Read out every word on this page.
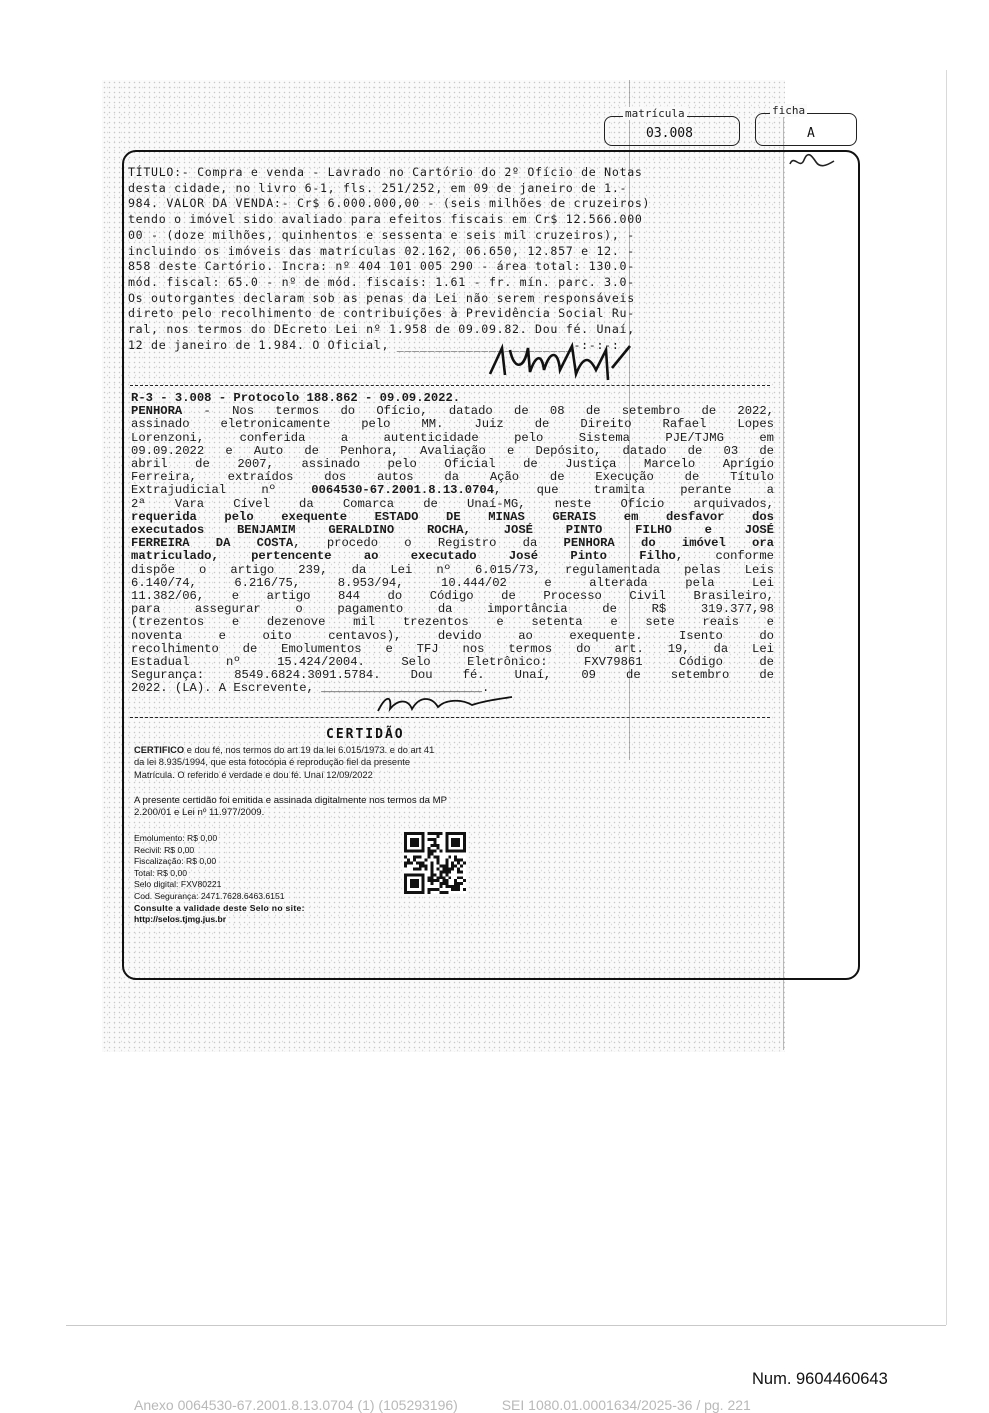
matrícula
03.008
ficha
A

TÍTULO:- Compra e venda - Lavrado no Cartório do 2º Ofício de Notas

desta cidade, no livro 6-1, fls. 251/252, em 09 de janeiro de 1.-

984. VALOR DA VENDA:- Cr$ 6.000.000,00 - (seis milhões de cruzeiros)

tendo o imóvel sido avaliado para efeitos fiscais em Cr$ 12.566.000

00 - (doze milhões, quinhentos e sessenta e seis mil cruzeiros), -

incluindo os imóveis das matrículas 02.162, 06.650, 12.857 e 12. -

858 deste Cartório. Incra: nº 404 101 005 290 - área total: 130.0-

mód. fiscal: 65.0 - nº de mód. fiscais: 1.61 - fr. mín. parc. 3.0-

Os outorgantes declaram sob as penas da Lei não serem responsáveis

direto pelo recolhimento de contribuições à Previdência Social Ru-

ral, nos termos do DEcreto Lei nº 1.958 de 09.09.82. Dou fé. Unaí,

12 de janeiro de 1.984. O Oficial, _______________________-:-:-:

R-3 - 3.008 - Protocolo 188.862 - 09.09.2022.
PENHORA - Nos termos do Ofício, datado de 08 de setembro de 2022,
assinado eletronicamente pelo MM. Juiz de Direito Rafael Lopes
Lorenzoni, conferida a autenticidade pelo Sistema PJE/TJMG em
09.09.2022 e Auto de Penhora, Avaliação e Depósito, datado de 03 de
abril de 2007, assinado pelo Oficial de Justiça Marcelo Aprígio
Ferreira, extraídos dos autos da Ação de Execução de Título
Extrajudicial nº 0064530-67.2001.8.13.0704, que tramita perante a
2ª Vara Cível da Comarca de Unaí-MG, neste Ofício arquivados,
requerida pelo exequente ESTADO DE MINAS GERAIS em desfavor dos
executados BENJAMIM GERALDINO ROCHA, JOSÉ PINTO FILHO e JOSÉ
FERREIRA DA COSTA, procedo o Registro da PENHORA do imóvel ora
matriculado, pertencente ao executado José Pinto Filho, conforme
dispõe o artigo 239, da Lei nº 6.015/73, regulamentada pelas Leis
6.140/74, 6.216/75, 8.953/94, 10.444/02 e alterada pela Lei
11.382/06, e artigo 844 do Código de Processo Civil Brasileiro,
para assegurar o pagamento da importância de R$ 319.377,98
(trezentos e dezenove mil trezentos e setenta e sete reais e
noventa e oito centavos), devido ao exequente. Isento do
recolhimento de Emolumentos e TFJ nos termos do art. 19, da Lei
Estadual nº 15.424/2004. Selo Eletrônico: FXV79861 Código de
Segurança: 8549.6824.3091.5784. Dou fé. Unaí, 09 de setembro de
2022. (LA). A Escrevente, ______________________.
CERTIDÃO

CERTIFICO e dou fé, nos termos do art 19 da lei 6.015/1973. e do art 41

da lei 8.935/1994, que esta fotocópia é reprodução fiel da presente

Matrícula. O referido é verdade e dou fé. Unaí 12/09/2022

A presente certidão foi emitida e assinada digitalmente nos termos da MP

2.200/01 e Lei nº 11.977/2009.

Emolumento: R$ 0,00

Recivil: R$ 0,00

Fiscalização: R$ 0,00

Total: R$ 0,00

Selo digital: FXV80221

Cod. Segurança: 2471.7628.6463.6151

Consulte a validade deste Selo no site:

http://selos.tjmg.jus.br

Num. 9604460643
Anexo 0064530-67.2001.8.13.0704 (1) (105293196)	SEI 1080.01.0001634/2025-36 / pg. 221
